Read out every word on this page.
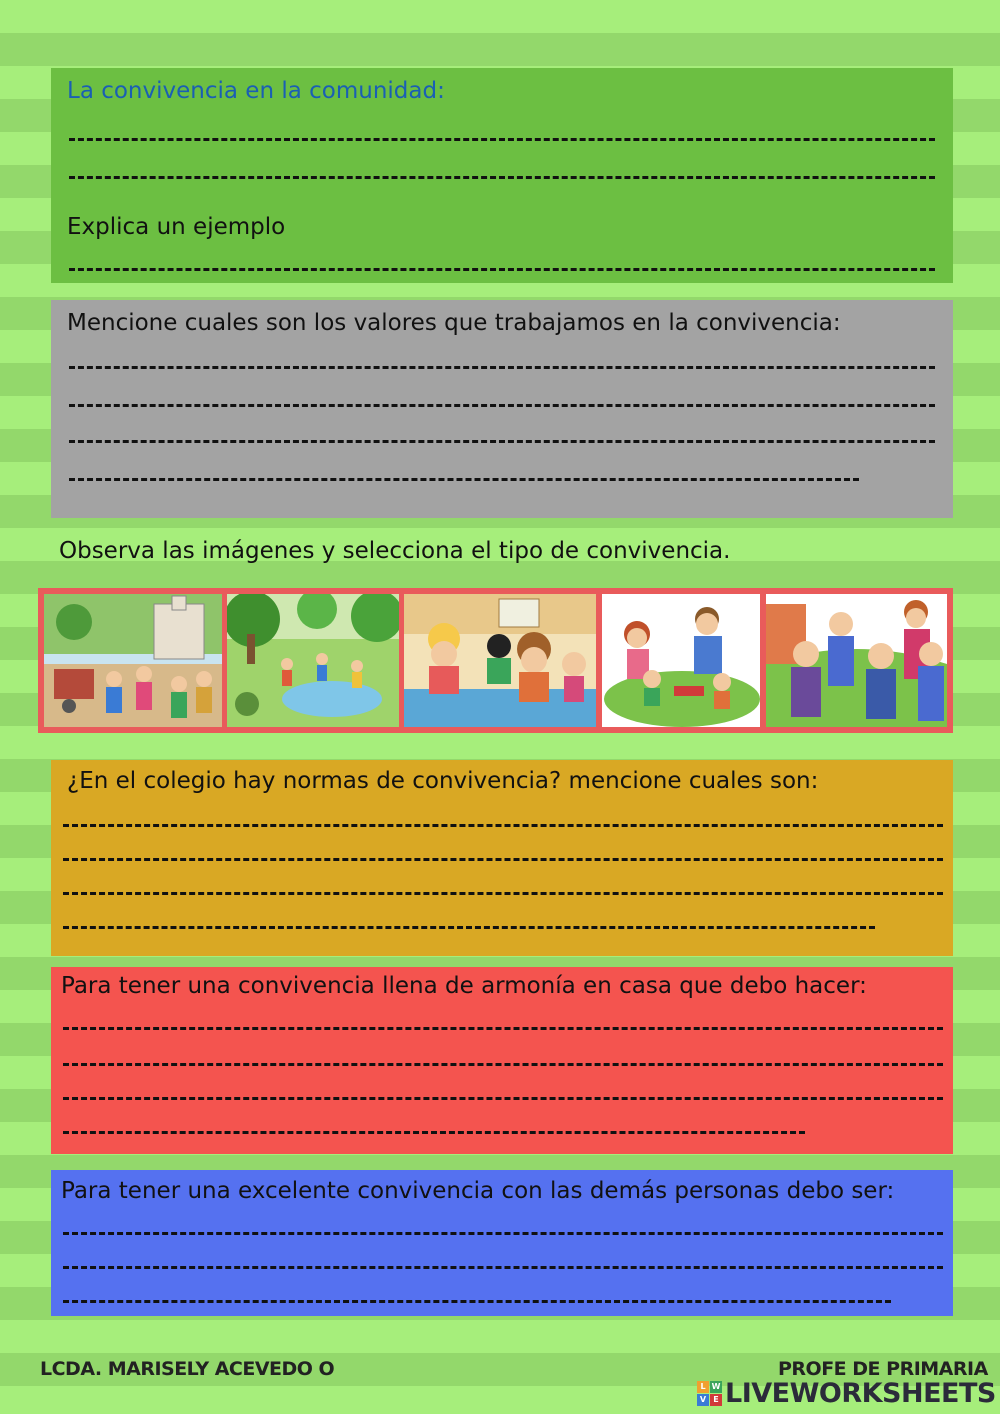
La convivencia en la comunidad:
Explica un ejemplo
Mencione cuales son los valores que trabajamos en la convivencia:
Observa las imágenes y selecciona el tipo de convivencia.
¿En el colegio hay normas de convivencia? mencione cuales son:
Para tener una convivencia llena de armonía en casa que debo hacer:
Para tener una excelente convivencia con las demás personas debo ser:
LCDA. MARISELY ACEVEDO O	PROFE DE PRIMARIA
L W
V E LIVEWORKSHEETS
